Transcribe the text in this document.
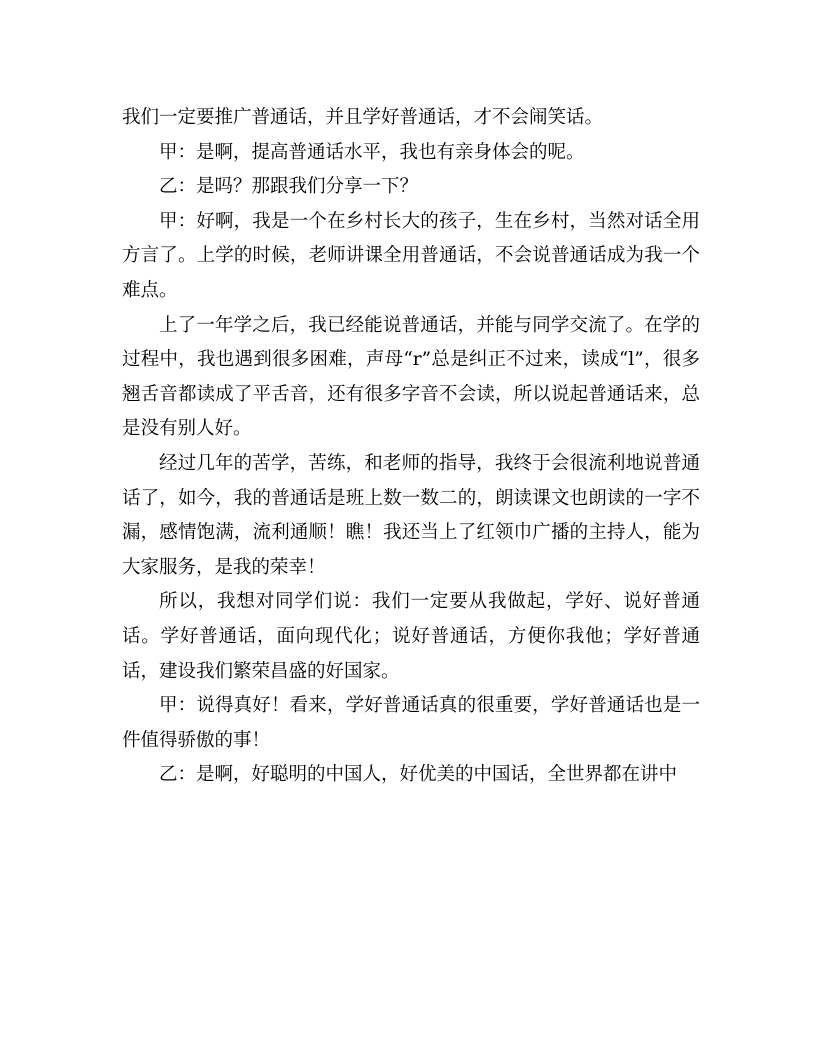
我们一定要推广普通话，并且学好普通话，才不会闹笑话。

甲：是啊，提高普通话水平，我也有亲身体会的呢。

乙：是吗？那跟我们分享一下？

甲：好啊，我是一个在乡村长大的孩子，生在乡村，当然对话全用方言了。上学的时候，老师讲课全用普通话，不会说普通话成为我一个难点。

上了一年学之后，我已经能说普通话，并能与同学交流了。在学的过程中，我也遇到很多困难，声母“r”总是纠正不过来，读成“l”，很多翘舌音都读成了平舌音，还有很多字音不会读，所以说起普通话来，总是没有别人好。

经过几年的苦学，苦练，和老师的指导，我终于会很流利地说普通话了，如今，我的普通话是班上数一数二的，朗读课文也朗读的一字不漏，感情饱满，流利通顺！瞧！我还当上了红领巾广播的主持人，能为大家服务，是我的荣幸！

所以，我想对同学们说：我们一定要从我做起，学好、说好普通话。学好普通话，面向现代化；说好普通话，方便你我他；学好普通话，建设我们繁荣昌盛的好国家。

甲：说得真好！看来，学好普通话真的很重要，学好普通话也是一件值得骄傲的事！

乙：是啊，好聪明的中国人，好优美的中国话，全世界都在讲中
